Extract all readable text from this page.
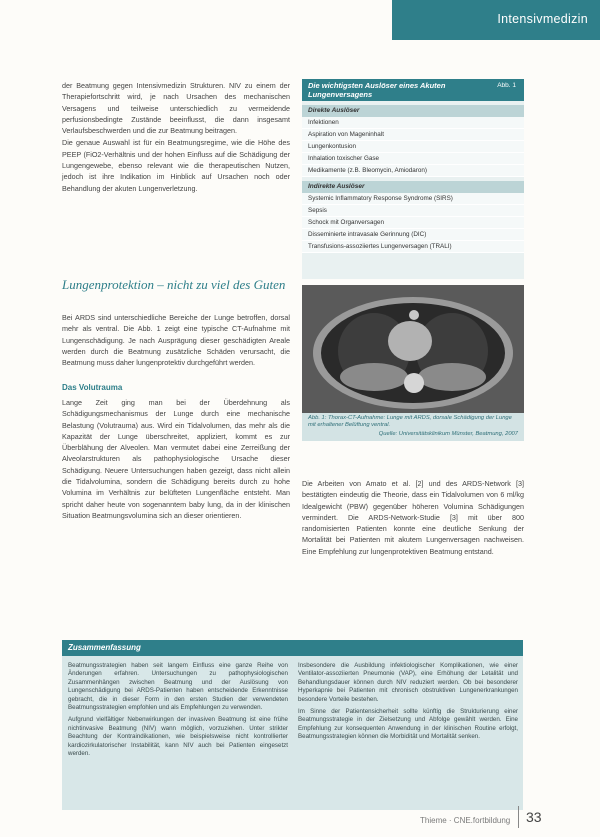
Intensivmedizin

der Beatmung gegen Intensivmedizin Strukturen. NIV zu einem der Therapiefortschritt wird, je nach Ursachen des mechanischen Versagens und teilweise unterschiedlich zu vermeidende perfusionsbedingte Zustände beeinflusst, die dann insgesamt Verlaufsbeschwerden und die zur Beatmung beitragen.

Die genaue Auswahl ist für ein Beatmungsregime, wie die Höhe des PEEP (FiO2-Verhältnis und der hohen Einfluss auf die Schädigung der Lungengewebe, ebenso relevant wie die therapeutischen Nutzen, jedoch ist ihre Indikation im Hinblick auf Ursachen noch oder Behandlung der akuten Lungenverletzung.

Lungenprotektion – nicht zu viel des Guten
Bei ARDS sind unterschiedliche Bereiche der Lunge betroffen, dorsal mehr als ventral. Die Abb. 1 zeigt eine typische CT-Aufnahme mit Lungenschädigung. Je nach Ausprägung dieser geschädigten Areale werden durch die Beatmung zusätzliche Schäden verursacht, die Beatmung muss daher lungenprotektiv durchgeführt werden.
Das Volutrauma
Lange Zeit ging man bei der Überdehnung als Schädigungsmechanismus der Lunge durch eine mechanische Belastung (Volutrauma) aus. Wird ein Tidalvolumen, das mehr als die Kapazität der Lunge überschreitet, appliziert, kommt es zur Überblähung der Alveolen. Man vermutet dabei eine Zerreißung der Alveolarstrukturen als pathophysiologische Ursache dieser Schädigung. Neuere Untersuchungen haben gezeigt, dass nicht allein die Tidalvolumina, sondern die Schädigung bereits durch zu hohe Volumina im Verhältnis zur belüfteten Lungenfläche entsteht. Man spricht daher heute von sogenanntem baby lung, da in der klinischen Situation Beatmungsvolumina sich an dieser orientieren.
Die wichtigsten Auslöser eines Akuten Lungenversagens
Abb. 1
Direkte Auslöser
Infektionen
Aspiration von Mageninhalt
Lungenkontusion
Inhalation toxischer Gase
Medikamente (z.B. Bleomycin, Amiodaron)
Indirekte Auslöser
Systemic Inflammatory Response Syndrome (SIRS)
Sepsis
Schock mit Organversagen
Disseminierte intravasale Gerinnung (DIC)
Transfusions-assoziiertes Lungenversagen (TRALI)
Abb. 1: Thorax-CT-Aufnahme: Lunge mit ARDS, dorsale Schädigung der Lunge mit erhaltener Belüftung ventral.
Quelle: Universitätsklinikum Münster, Beatmung, 2007
Die Arbeiten von Amato et al. [2] und des ARDS-Network [3] bestätigten eindeutig die Theorie, dass ein Tidalvolumen von 6 ml/kg Idealgewicht (PBW) gegenüber höheren Volumina Schädigungen vermindert. Die ARDS-Network-Studie [3] mit über 800 randomisierten Patienten konnte eine deutliche Senkung der Mortalität bei Patienten mit akutem Lungenversagen nachweisen. Eine Empfehlung zur lungenprotektiven Beatmung entstand.
Zusammenfassung

Beatmungsstrategien haben seit langem Einfluss eine ganze Reihe von Änderungen erfahren. Untersuchungen zu pathophysiologischen Zusammenhängen zwischen Beatmung und der Auslösung von Lungenschädigung bei ARDS-Patienten haben entscheidende Erkenntnisse gebracht, die in dieser Form in den ersten Studien der verwendeten Beatmungsstrategien empfohlen und als Empfehlungen zu verwenden.

Aufgrund vielfältiger Nebenwirkungen der invasiven Beatmung ist eine frühe nichtinvasive Beatmung (NIV) wann möglich, vorzuziehen. Unter strikter Beachtung der Kontraindikationen, wie beispielsweise nicht kontrollierter kardiozirkulatorischer Instabilität, kann NIV auch bei Patienten eingesetzt werden.

Insbesondere die Ausbildung infektiologischer Komplikationen, wie einer Ventilator-assoziierten Pneumonie (VAP), eine Erhöhung der Letalität und Behandlungsdauer können durch NIV reduziert werden. Ob bei besonderer Hyperkapnie bei Patienten mit chronisch obstruktiven Lungenerkrankungen besondere Vorteile bestehen.

Im Sinne der Patientensicherheit sollte künftig die Strukturierung einer Beatmungsstrategie in der Zielsetzung und Abfolge gewählt werden. Eine Empfehlung zur konsequenten Anwendung in der klinischen Routine erfolgt, Beatmungsstrategien können die Morbidität und Mortalität senken.

Thieme · CNE.fortbildung 33
